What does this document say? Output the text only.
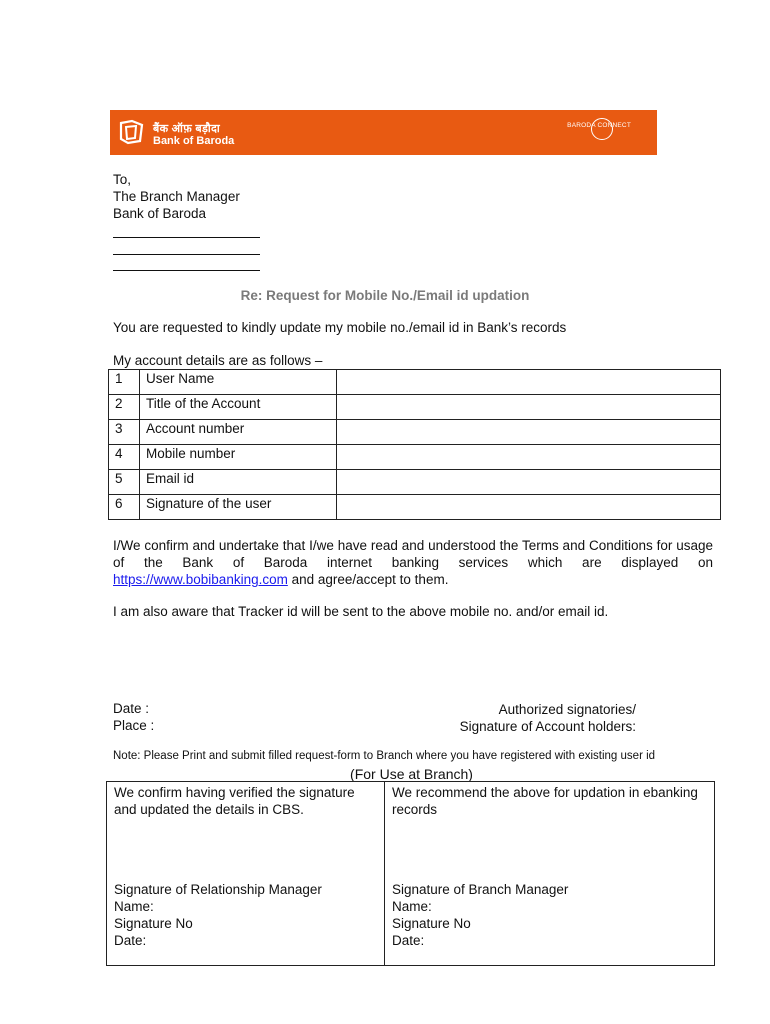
बैंक ऑफ़ बड़ौदा
Bank of Baroda
BARODA CONNECT
To,
The Branch Manager
Bank of Baroda
Re: Request for Mobile No./Email id updation
You are requested to kindly update my mobile no./email id in Bank’s records
My account details are as follows –
1	User Name	
2	Title of the Account	
3	Account number	
4	Mobile number	
5	Email id	
6	Signature of the user	
I/We confirm and undertake that I/we have read and understood the Terms and Conditions for usage of the Bank of Baroda internet banking services which are displayed on https://www.bobibanking.com and agree/accept to them.
I am also aware that Tracker id will be sent to the above mobile no. and/or email id.
Date :
Place :
Authorized signatories/
Signature of Account holders:
Note: Please Print and submit filled request-form to Branch where you have registered with existing user id
(For Use at Branch)
We confirm having verified the signature
and updated the details in CBS.
We recommend the above for updation in ebanking
records
Signature of Relationship Manager
Name:
Signature No
Date:
Signature of Branch Manager
Name:
Signature No
Date:
